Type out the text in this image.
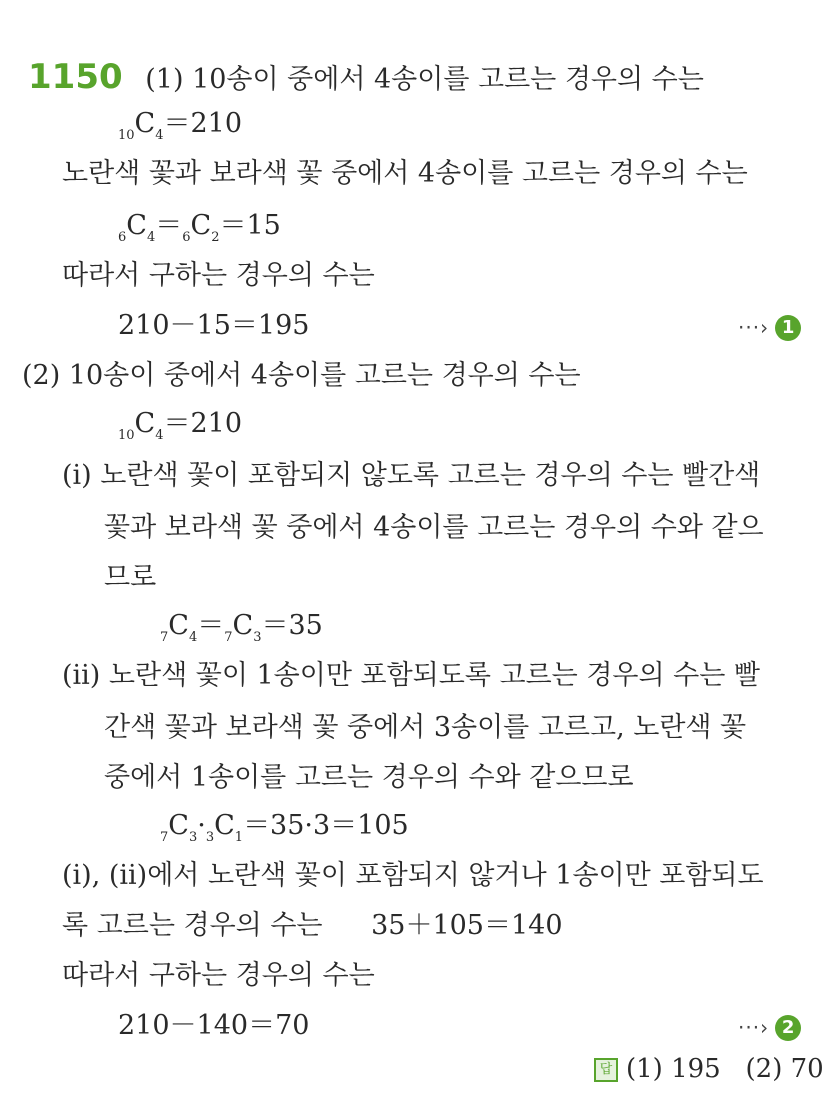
1150 (1) 10송이 중에서 4송이를 고르는 경우의 수는
$_{10}C_4=210$
노란색 꽃과 보라색 꽃 중에서 4송이를 고르는 경우의 수는
$_6C_4=_6C_2=15$
따라서 구하는 경우의 수는
210－15＝195	···› 1
(2) 10송이 중에서 4송이를 고르는 경우의 수는
$_{10}C_4=210$
(ⅰ) 노란색 꽃이 포함되지 않도록 고르는 경우의 수는 빨간색
꽃과 보라색 꽃 중에서 4송이를 고르는 경우의 수와 같으
므로
$_7C_4=_7C_3=35$
(ⅱ) 노란색 꽃이 1송이만 포함되도록 고르는 경우의 수는 빨
간색 꽃과 보라색 꽃 중에서 3송이를 고르고, 노란색 꽃
중에서 1송이를 고르는 경우의 수와 같으므로
$_7C_3\cdot_3C_1=35\cdot 3=105$
(ⅰ), (ⅱ)에서 노란색 꽃이 포함되지 않거나 1송이만 포함되도
록 고르는 경우의 수는 35＋105＝140
따라서 구하는 경우의 수는
210－140＝70	···› 2
답 (1) 195   (2) 70
